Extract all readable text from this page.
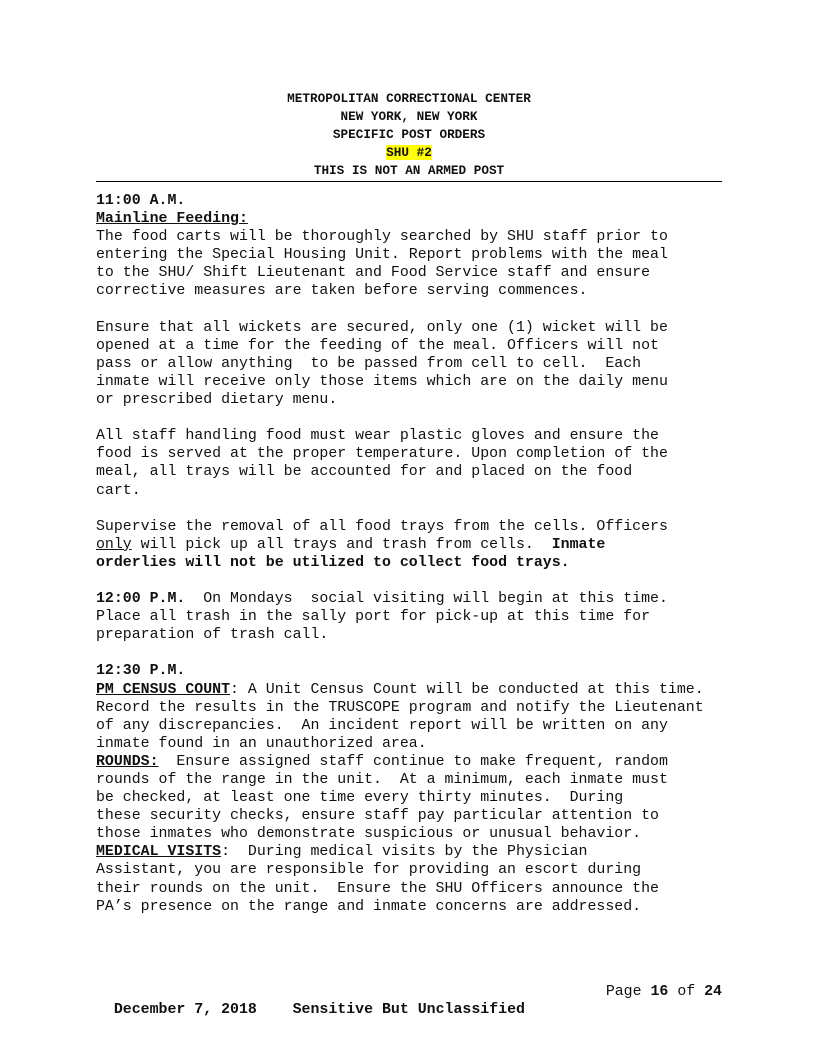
METROPOLITAN CORRECTIONAL CENTER
NEW YORK, NEW YORK
SPECIFIC POST ORDERS
SHU #2
THIS IS NOT AN ARMED POST
11:00 A.M.
Mainline Feeding:

The food carts will be thoroughly searched by SHU staff prior to
entering the Special Housing Unit. Report problems with the meal
to the SHU/ Shift Lieutenant and Food Service staff and ensure
corrective measures are taken before serving commences.

Ensure that all wickets are secured, only one (1) wicket will be
opened at a time for the feeding of the meal. Officers will not
pass or allow anything  to be passed from cell to cell.  Each
inmate will receive only those items which are on the daily menu
or prescribed dietary menu.

All staff handling food must wear plastic gloves and ensure the
food is served at the proper temperature. Upon completion of the
meal, all trays will be accounted for and placed on the food
cart.

Supervise the removal of all food trays from the cells. Officers
only will pick up all trays and trash from cells.  Inmate
orderlies will not be utilized to collect food trays.

12:00 P.M.  On Mondays  social visiting will begin at this time.
Place all trash in the sally port for pick-up at this time for
preparation of trash call.

12:30 P.M.

PM CENSUS COUNT: A Unit Census Count will be conducted at this time.
Record the results in the TRUSCOPE program and notify the Lieutenant
of any discrepancies.  An incident report will be written on any
inmate found in an unauthorized area.

ROUNDS:  Ensure assigned staff continue to make frequent, random
rounds of the range in the unit.  At a minimum, each inmate must
be checked, at least one time every thirty minutes.  During
these security checks, ensure staff pay particular attention to
those inmates who demonstrate suspicious or unusual behavior.

MEDICAL VISITS:  During medical visits by the Physician
Assistant, you are responsible for providing an escort during
their rounds on the unit.  Ensure the SHU Officers announce the
PA’s presence on the range and inmate concerns are addressed.

December 7, 2018 Sensitive But Unclassified

Page 16 of 24
